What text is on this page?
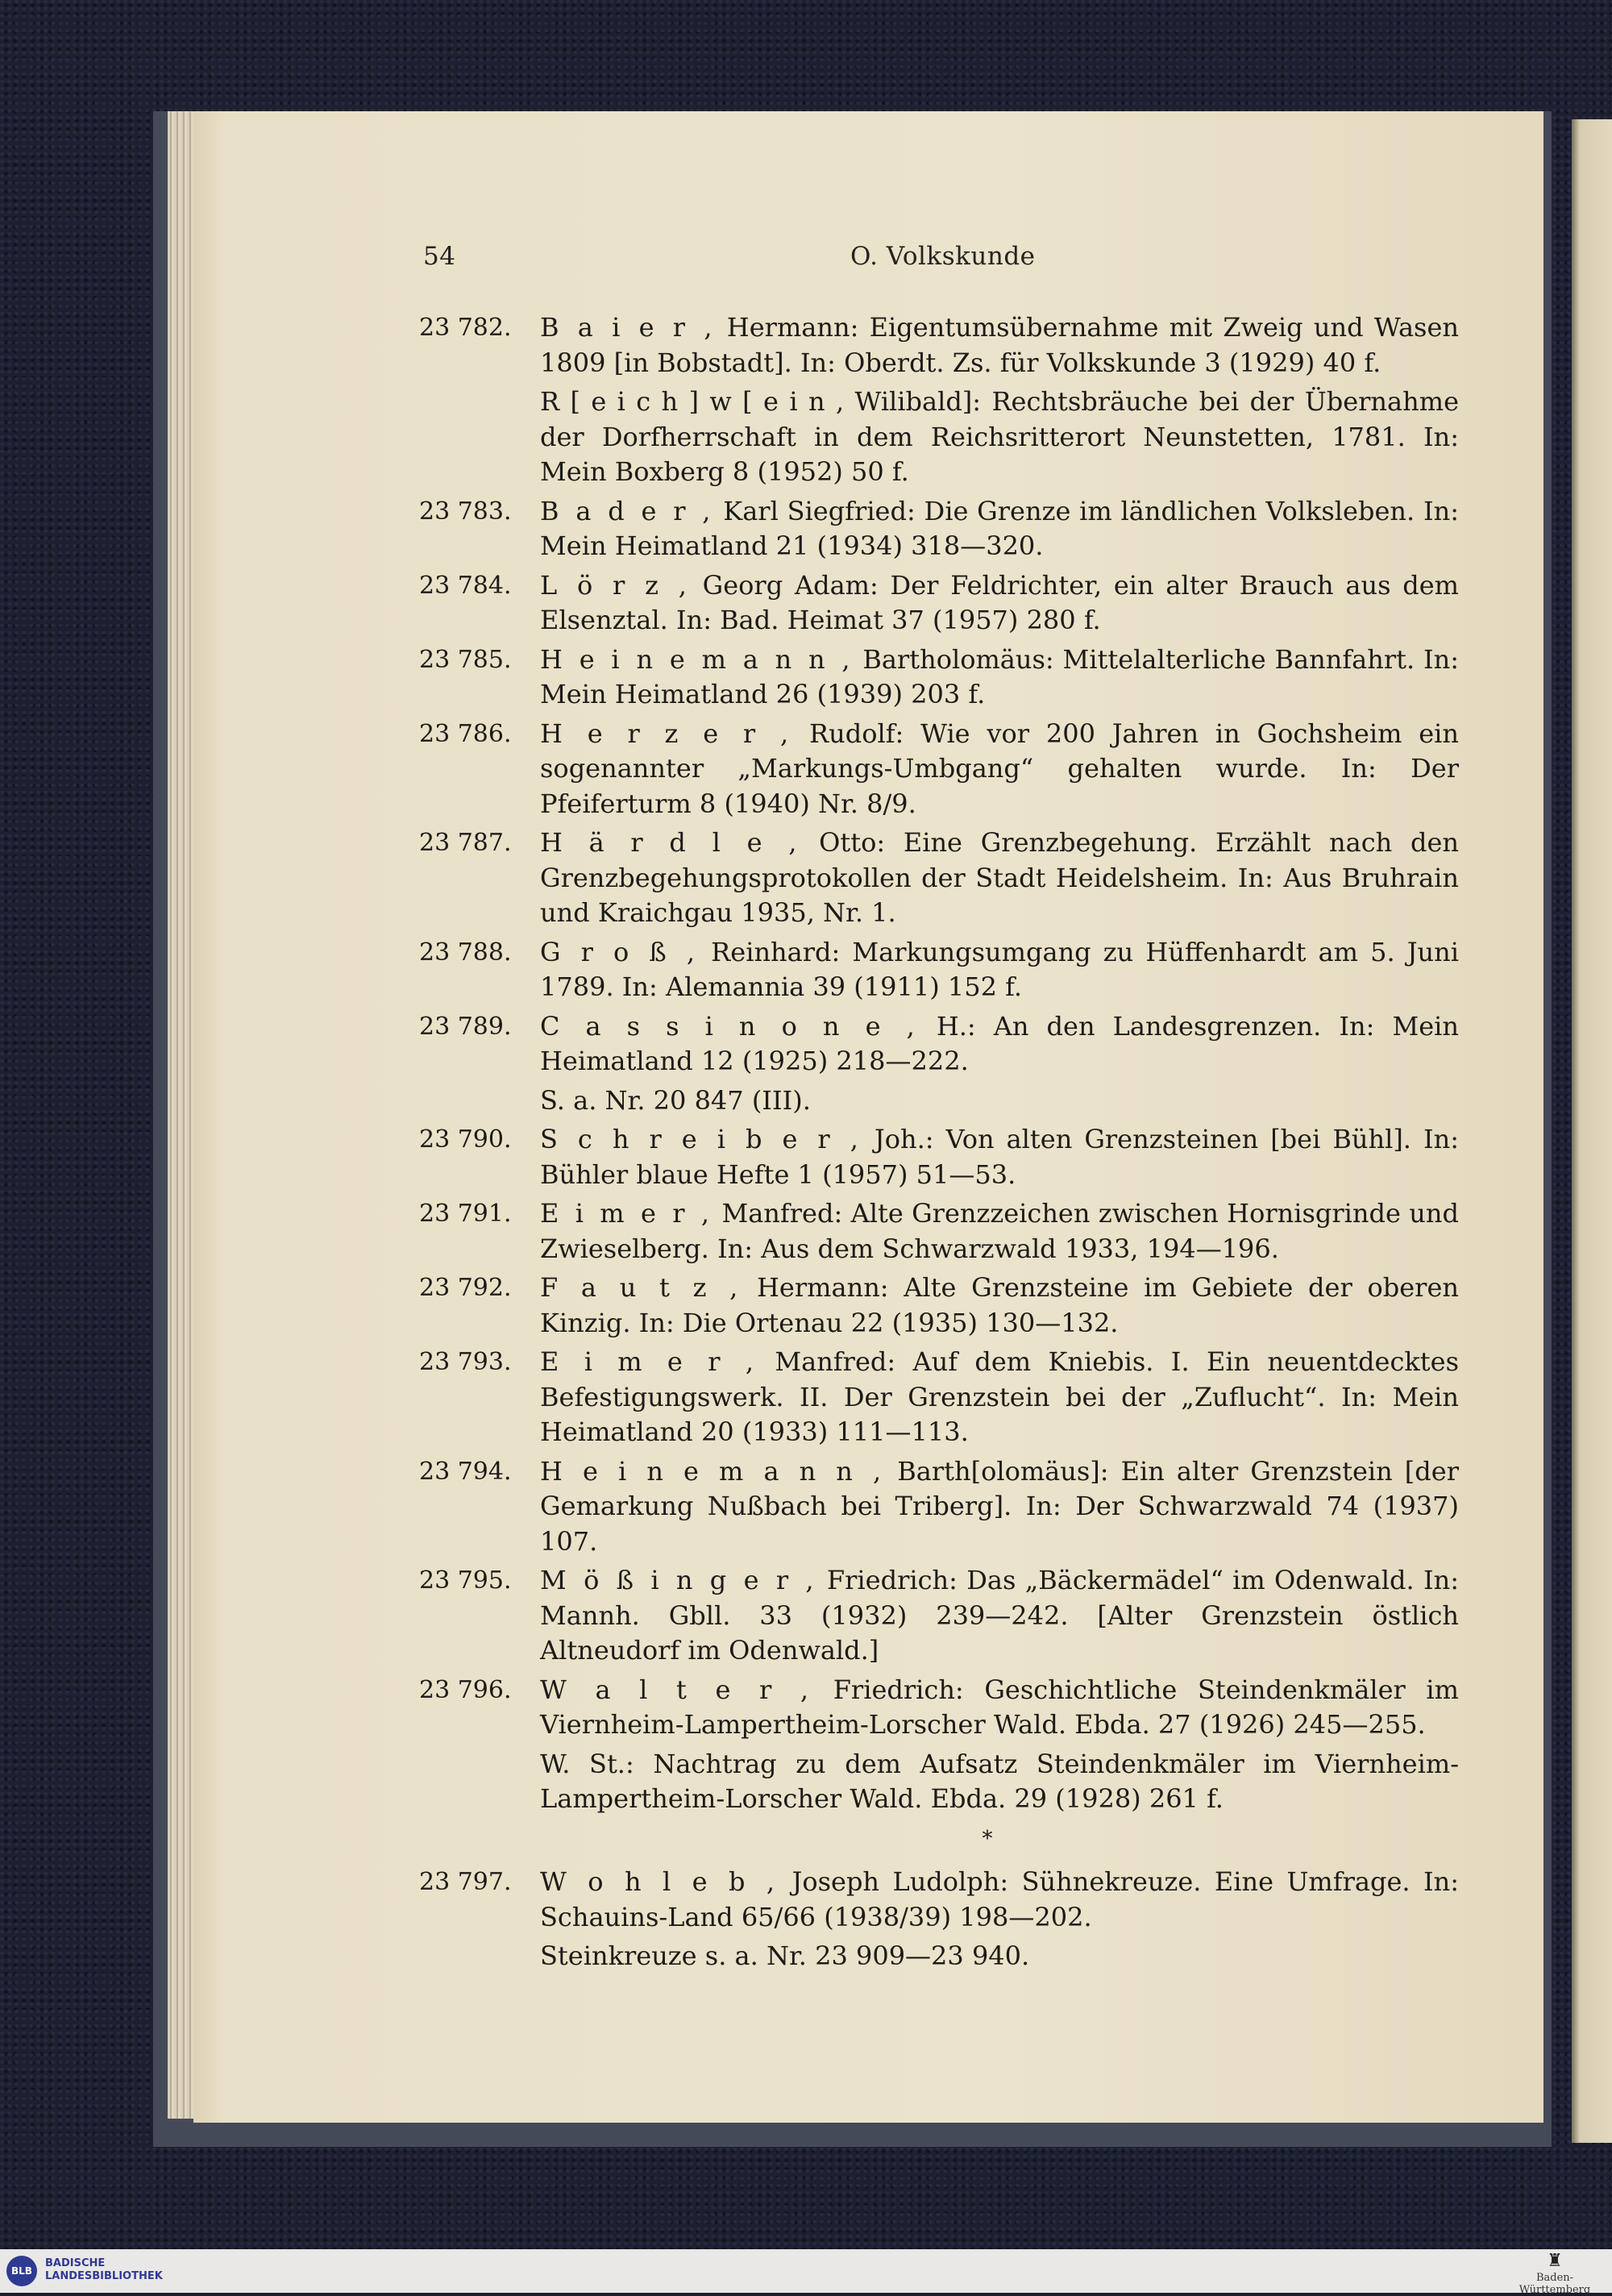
54	O. Volkskunde
23 782. B a i e r , Hermann: Eigentumsübernahme mit Zweig und Wasen 1809 [in Bobstadt]. In: Oberdt. Zs. für Volkskunde 3 (1929) 40 f.
R [ e i c h ] w [ e i n , Wilibald]: Rechtsbräuche bei der Übernahme der Dorfherrschaft in dem Reichsritterort Neunstetten, 1781. In: Mein Boxberg 8 (1952) 50 f.
23 783. B a d e r , Karl Siegfried: Die Grenze im ländlichen Volksleben. In: Mein Heimatland 21 (1934) 318—320.
23 784. L ö r z , Georg Adam: Der Feldrichter, ein alter Brauch aus dem Elsenztal. In: Bad. Heimat 37 (1957) 280 f.
23 785. H e i n e m a n n , Bartholomäus: Mittelalterliche Bannfahrt. In: Mein Heimatland 26 (1939) 203 f.
23 786. H e r z e r , Rudolf: Wie vor 200 Jahren in Gochsheim ein sogenannter „Markungs-Umbgang“ gehalten wurde. In: Der Pfeiferturm 8 (1940) Nr. 8/9.
23 787. H ä r d l e , Otto: Eine Grenzbegehung. Erzählt nach den Grenzbegehungsprotokollen der Stadt Heidelsheim. In: Aus Bruhrain und Kraichgau 1935, Nr. 1.
23 788. G r o ß , Reinhard: Markungsumgang zu Hüffenhardt am 5. Juni 1789. In: Alemannia 39 (1911) 152 f.
23 789. C a s s i n o n e , H.: An den Landesgrenzen. In: Mein Heimatland 12 (1925) 218—222.
S. a. Nr. 20 847 (III).
23 790. S c h r e i b e r , Joh.: Von alten Grenzsteinen [bei Bühl]. In: Bühler blaue Hefte 1 (1957) 51—53.
23 791. E i m e r , Manfred: Alte Grenzzeichen zwischen Hornisgrinde und Zwieselberg. In: Aus dem Schwarzwald 1933, 194—196.
23 792. F a u t z , Hermann: Alte Grenzsteine im Gebiete der oberen Kinzig. In: Die Ortenau 22 (1935) 130—132.
23 793. E i m e r , Manfred: Auf dem Kniebis. I. Ein neuentdecktes Befestigungswerk. II. Der Grenzstein bei der „Zuflucht“. In: Mein Heimatland 20 (1933) 111—113.
23 794. H e i n e m a n n , Barth[olomäus]: Ein alter Grenzstein [der Gemarkung Nußbach bei Triberg]. In: Der Schwarzwald 74 (1937) 107.
23 795. M ö ß i n g e r , Friedrich: Das „Bäckermädel“ im Odenwald. In: Mannh. Gbll. 33 (1932) 239—242. [Alter Grenzstein östlich Altneudorf im Odenwald.]
23 796. W a l t e r , Friedrich: Geschichtliche Steindenkmäler im Viernheim-Lampertheim-Lorscher Wald. Ebda. 27 (1926) 245—255.
W. St.: Nachtrag zu dem Aufsatz Steindenkmäler im Viernheim-Lampertheim-Lorscher Wald. Ebda. 29 (1928) 261 f.
*
23 797. W o h l e b , Joseph Ludolph: Sühnekreuze. Eine Umfrage. In: Schauins-Land 65/66 (1938/39) 198—202.
Steinkreuze s. a. Nr. 23 909—23 940.
BLB
BADISCHE
LANDESBIBLIOTHEK
♜
Baden-Württemberg
